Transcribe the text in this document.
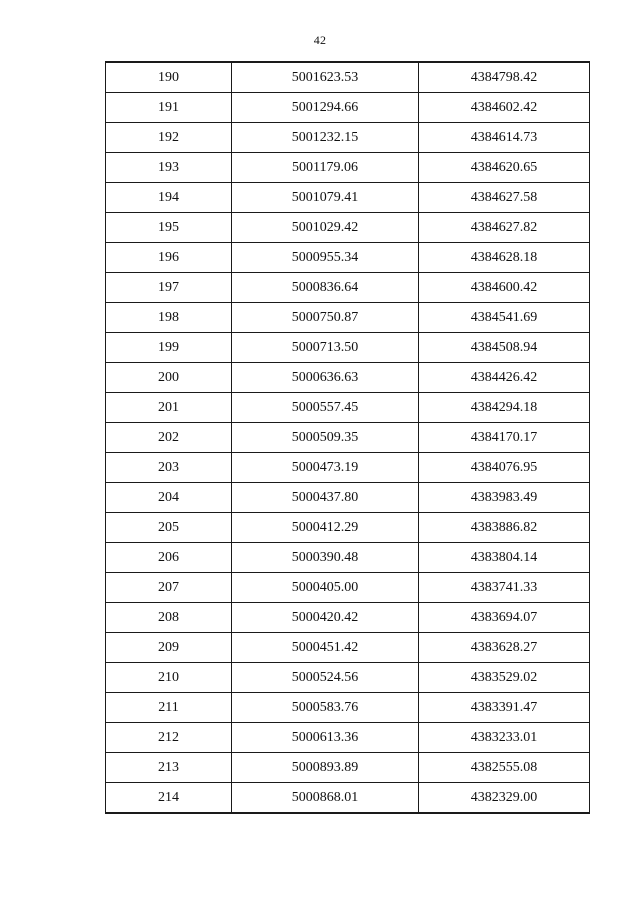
42
190	5001623.53	4384798.42
191	5001294.66	4384602.42
192	5001232.15	4384614.73
193	5001179.06	4384620.65
194	5001079.41	4384627.58
195	5001029.42	4384627.82
196	5000955.34	4384628.18
197	5000836.64	4384600.42
198	5000750.87	4384541.69
199	5000713.50	4384508.94
200	5000636.63	4384426.42
201	5000557.45	4384294.18
202	5000509.35	4384170.17
203	5000473.19	4384076.95
204	5000437.80	4383983.49
205	5000412.29	4383886.82
206	5000390.48	4383804.14
207	5000405.00	4383741.33
208	5000420.42	4383694.07
209	5000451.42	4383628.27
210	5000524.56	4383529.02
211	5000583.76	4383391.47
212	5000613.36	4383233.01
213	5000893.89	4382555.08
214	5000868.01	4382329.00
